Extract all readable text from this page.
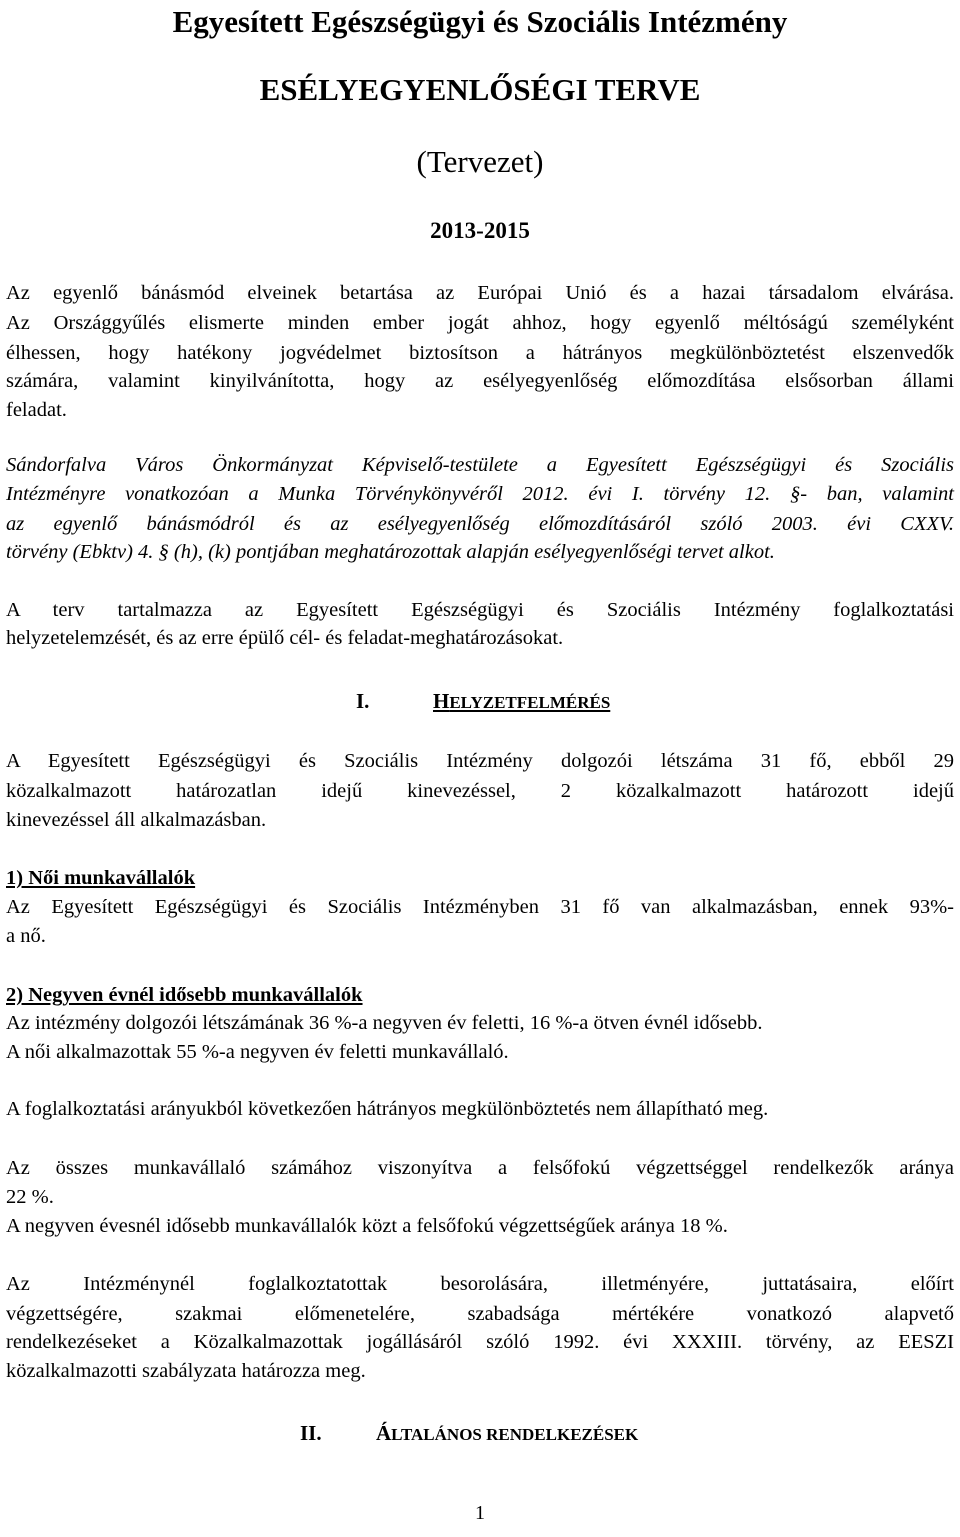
Egyesített Egészségügyi és Szociális Intézmény
ESÉLYEGYENLŐSÉGI TERVE
(Tervezet)
2013-2015
Az egyenlő bánásmód elveinek betartása az Európai Unió és a hazai társadalom elvárása.
Az Országgyűlés elismerte minden ember jogát ahhoz, hogy egyenlő méltóságú személyként
élhessen, hogy hatékony jogvédelmet biztosítson a hátrányos megkülönböztetést elszenvedők
számára, valamint kinyilvánította, hogy az esélyegyenlőség előmozdítása elsősorban állami
feladat.
Sándorfalva Város Önkormányzat Képviselő-testülete a Egyesített Egészségügyi és Szociális
Intézményre vonatkozóan a Munka Törvénykönyvéről 2012. évi I. törvény 12. §- ban, valamint
az egyenlő bánásmódról és az esélyegyenlőség előmozdításáról szóló 2003. évi CXXV.
törvény (Ebktv) 4. § (h), (k) pontjában meghatározottak alapján esélyegyenlőségi tervet alkot.
A terv tartalmazza az Egyesített Egészségügyi és Szociális Intézmény foglalkoztatási
helyzetelemzését, és az erre épülő cél- és feladat-meghatározásokat.
I.	HELYZETFELMÉRÉS
A Egyesített Egészségügyi és Szociális Intézmény dolgozói létszáma 31 fő, ebből 29
közalkalmazott határozatlan idejű kinevezéssel, 2 közalkalmazott határozott idejű
kinevezéssel áll alkalmazásban.
1) Női munkavállalók
Az Egyesített Egészségügyi és Szociális Intézményben 31 fő van alkalmazásban, ennek 93%-
a nő.
2) Negyven évnél idősebb munkavállalók
Az intézmény dolgozói létszámának 36 %-a negyven év feletti, 16 %-a ötven évnél idősebb.
A női alkalmazottak 55 %-a negyven év feletti munkavállaló.
A foglalkoztatási arányukból következően hátrányos megkülönböztetés nem állapítható meg.
Az összes munkavállaló számához viszonyítva a felsőfokú végzettséggel rendelkezők aránya
22 %.
A negyven évesnél idősebb munkavállalók közt a felsőfokú végzettségűek aránya 18 %.
Az Intézménynél foglalkoztatottak besorolására, illetményére, juttatásaira, előírt
végzettségére, szakmai előmenetelére, szabadsága mértékére vonatkozó alapvető
rendelkezéseket a Közalkalmazottak jogállásáról szóló 1992. évi XXXIII. törvény, az EESZI
közalkalmazotti szabályzata határozza meg.
II.	ÁLTALÁNOS RENDELKEZÉSEK
1
